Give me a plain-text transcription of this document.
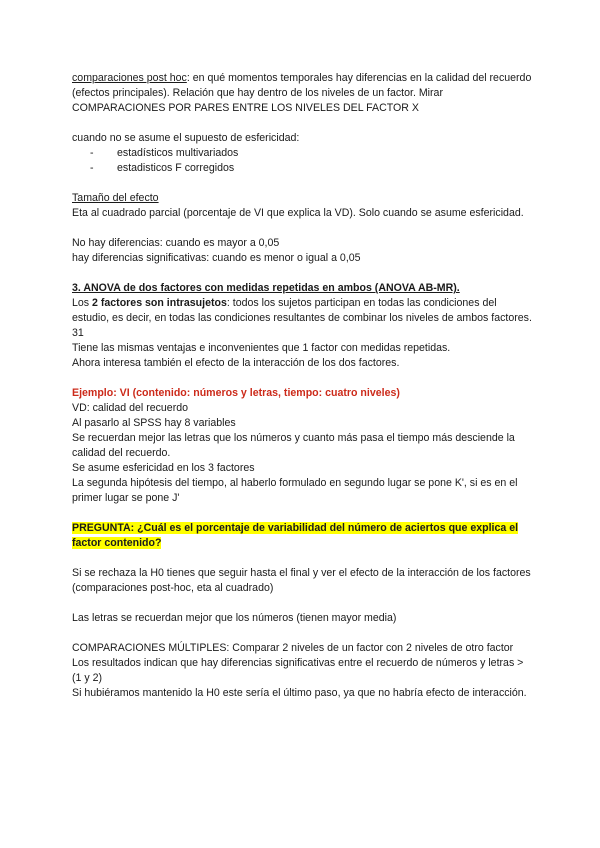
comparaciones post hoc: en qué momentos temporales hay diferencias en la calidad del recuerdo (efectos principales). Relación que hay dentro de los niveles de un factor. Mirar COMPARACIONES POR PARES ENTRE LOS NIVELES DEL FACTOR X

cuando no se asume el supuesto de esfericidad:

- estadísticos multivariados

- estadisticos F corregidos

Tamaño del efecto

Eta al cuadrado parcial (porcentaje de VI que explica la VD). Solo cuando se asume esfericidad.

No hay diferencias: cuando es mayor a 0,05

hay diferencias significativas: cuando es menor o igual a 0,05

3. ANOVA de dos factores con medidas repetidas en ambos (ANOVA AB-MR).

Los 2 factores son intrasujetos: todos los sujetos participan en todas las condiciones del estudio, es decir, en todas las condiciones resultantes de combinar los niveles de ambos factores. 31

Tiene las mismas ventajas e inconvenientes que 1 factor con medidas repetidas.

Ahora interesa también el efecto de la interacción de los dos factores.

Ejemplo: VI (contenido: números y letras, tiempo: cuatro niveles)

VD: calidad del recuerdo

Al pasarlo al SPSS hay 8 variables

Se recuerdan mejor las letras que los números y cuanto más pasa el tiempo más desciende la calidad del recuerdo.

Se asume esfericidad en los 3 factores

La segunda hipótesis del tiempo, al haberlo formulado en segundo lugar se pone K', si es en el primer lugar se pone J'

PREGUNTA: ¿Cuál es el porcentaje de variabilidad del número de aciertos que explica el factor contenido?

Si se rechaza la H0 tienes que seguir hasta el final y ver el efecto de la interacción de los factores (comparaciones post-hoc, eta al cuadrado)

Las letras se recuerdan mejor que los números (tienen mayor media)

COMPARACIONES MÚLTIPLES: Comparar 2 niveles de un factor con 2 niveles de otro factor

Los resultados indican que hay diferencias significativas entre el recuerdo de números y letras >(1 y 2)

Si hubiéramos mantenido la H0 este sería el último paso, ya que no habría efecto de interacción.
